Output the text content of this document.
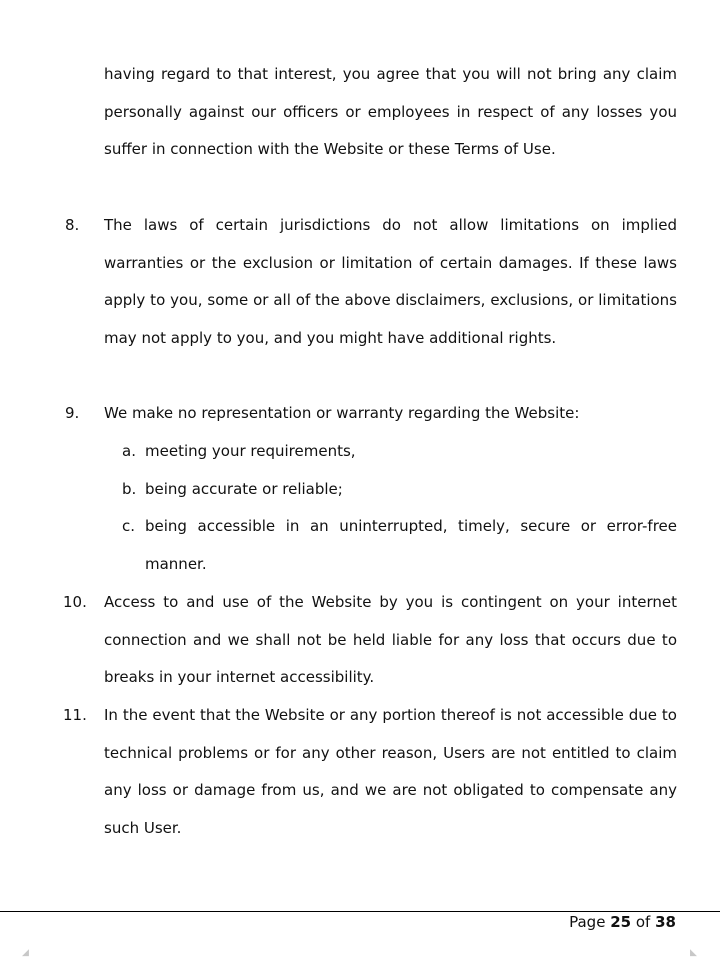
having regard to that interest, you agree that you will not bring any claim personally against our officers or employees in respect of any losses you suffer in connection with the Website or these Terms of Use.

8. The laws of certain jurisdictions do not allow limitations on implied warranties or the exclusion or limitation of certain damages. If these laws apply to you, some or all of the above disclaimers, exclusions, or limitations may not apply to you, and you might have additional rights.

9. We make no representation or warranty regarding the Website:

a. meeting your requirements,

b. being accurate or reliable;

c. being accessible in an uninterrupted, timely, secure or error-free manner.

10. Access to and use of the Website by you is contingent on your internet connection and we shall not be held liable for any loss that occurs due to breaks in your internet accessibility.

11. In the event that the Website or any portion thereof is not accessible due to technical problems or for any other reason, Users are not entitled to claim any loss or damage from us, and we are not obligated to compensate any such User.

Page 25 of 38
◢	◣
